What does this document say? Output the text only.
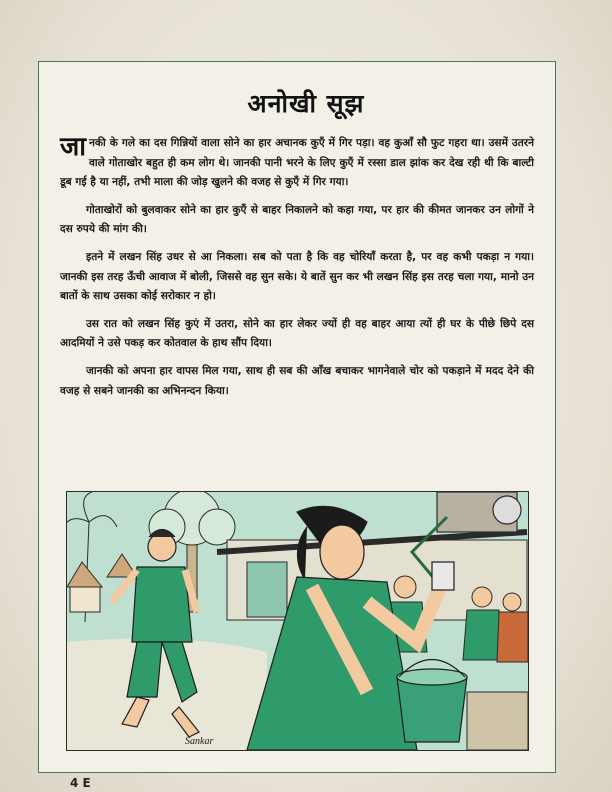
अनोखी सूझ

जानकी के गले का दस गिन्नियों वाला सोने का हार अचानक कुएँ में गिर पड़ा। वह कुआँ सौ फुट गहरा था। उसमें उतरने वाले गोताखोर बहुत ही कम लोग थे। जानकी पानी भरने के लिए कुएँ में रस्सा डाल झांक कर देख रही थी कि बाल्टी डूब गई है या नहीं, तभी माला की जोड़ खुलने की वजह से कुएँ में गिर गया।

गोताखोरों को बुलवाकर सोने का हार कुएँ से बाहर निकालने को कहा गया, पर हार की कीमत जानकर उन लोगों ने दस रुपये की मांग की।

इतने में लखन सिंह उधर से आ निकला। सब को पता है कि वह चोरियाँ करता है, पर वह कभी पकड़ा न गया। जानकी इस तरह ऊँची आवाज में बोली, जिससे वह सुन सके। ये बातें सुन कर भी लखन सिंह इस तरह चला गया, मानो उन बातों के साथ उसका कोई सरोकार न हो।

उस रात को लखन सिंह कुएं में उतरा, सोने का हार लेकर ज्यों ही वह बाहर आया त्यों ही घर के पीछे छिपे दस आदमियों ने उसे पकड़ कर कोतवाल के हाथ सौंप दिया।

जानकी को अपना हार वापस मिल गया, साथ ही सब की आँख बचाकर भागनेवाले चोर को पकड़ाने में मदद देने की वजह से सबने जानकी का अभिनन्दन किया।

Sankar
4 E
